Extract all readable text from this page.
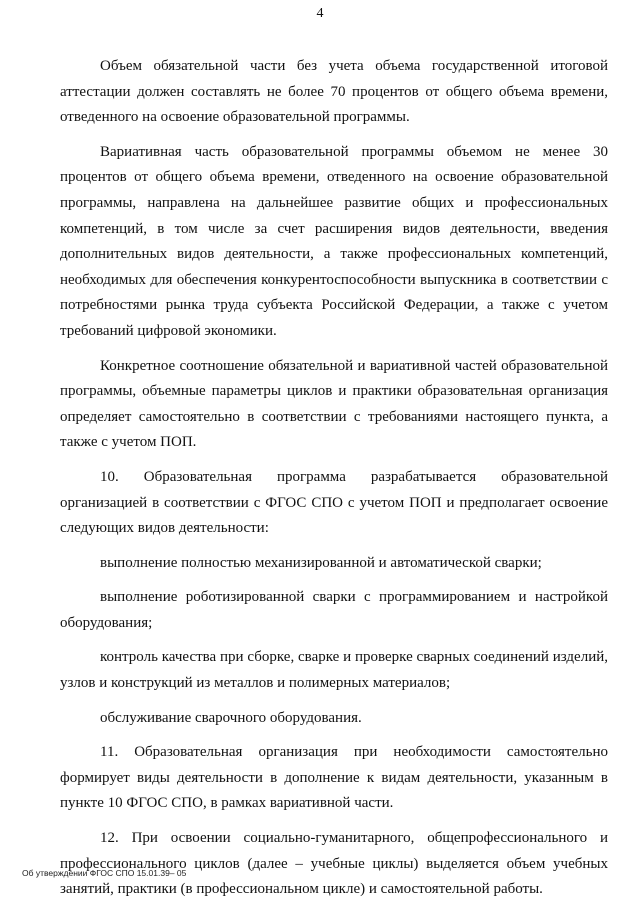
4

Объем обязательной части без учета объема государственной итоговой аттестации должен составлять не более 70 процентов от общего объема времени, отведенного на освоение образовательной программы.

Вариативная часть образовательной программы объемом не менее 30 процентов от общего объема времени, отведенного на освоение образовательной программы, направлена на дальнейшее развитие общих и профессиональных компетенций, в том числе за счет расширения видов деятельности, введения дополнительных видов деятельности, а также профессиональных компетенций, необходимых для обеспечения конкурентоспособности выпускника в соответствии с потребностями рынка труда субъекта Российской Федерации, а также с учетом требований цифровой экономики.

Конкретное соотношение обязательной и вариативной частей образовательной программы, объемные параметры циклов и практики образовательная организация определяет самостоятельно в соответствии с требованиями настоящего пункта, а также с учетом ПОП.

10. Образовательная программа разрабатывается образовательной организацией в соответствии с ФГОС СПО с учетом ПОП и предполагает освоение следующих видов деятельности:

выполнение полностью механизированной и автоматической сварки;

выполнение роботизированной сварки с программированием и настройкой оборудования;

контроль качества при сборке, сварке и проверке сварных соединений изделий, узлов и конструкций из металлов и полимерных материалов;

обслуживание сварочного оборудования.

11. Образовательная организация при необходимости самостоятельно формирует виды деятельности в дополнение к видам деятельности, указанным в пункте 10 ФГОС СПО, в рамках вариативной части.

12. При освоении социально-гуманитарного, общепрофессионального и профессионального циклов (далее – учебные циклы) выделяется объем учебных занятий, практики (в профессиональном цикле) и самостоятельной работы.

Об утверждении ФГОС СПО 15.01.39– 05
